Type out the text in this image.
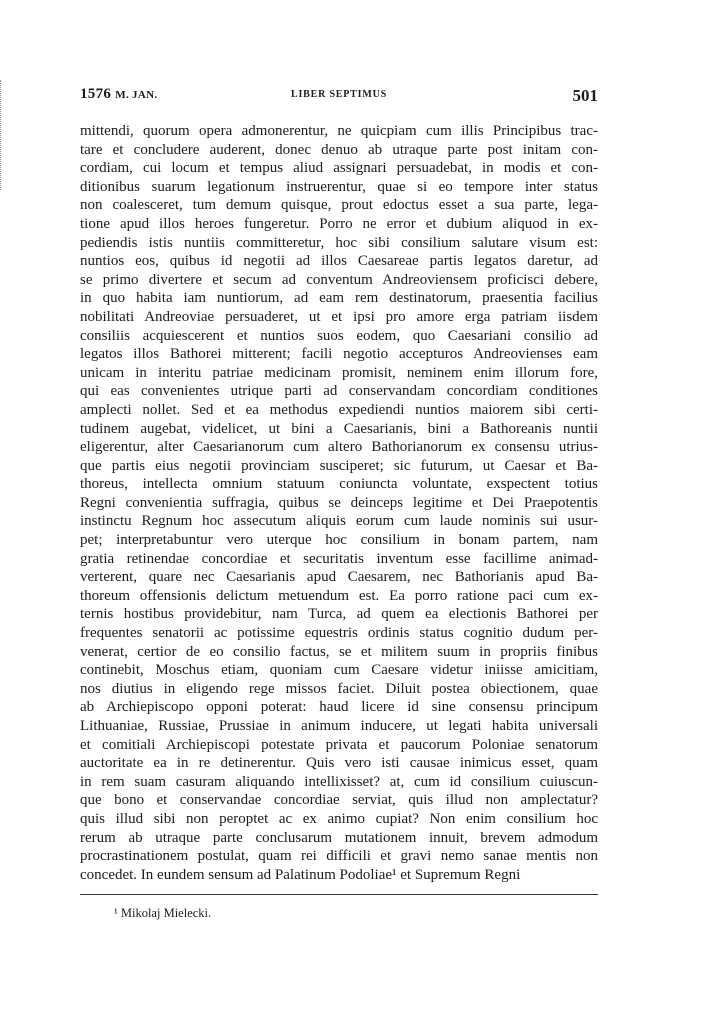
1576 M. JAN.	LIBER SEPTIMUS	501
mittendi, quorum opera admonerentur, ne quicpiam cum illis Principibus trac-
tare et concludere auderent, donec denuo ab utraque parte post initam con-
cordiam, cui locum et tempus aliud assignari persuadebat, in modis et con-
ditionibus suarum legationum instruerentur, quae si eo tempore inter status
non coalesceret, tum demum quisque, prout edoctus esset a sua parte, lega-
tione apud illos heroes fungeretur. Porro ne error et dubium aliquod in ex-
pediendis istis nuntiis committeretur, hoc sibi consilium salutare visum est:
nuntios eos, quibus id negotii ad illos Caesareae partis legatos daretur, ad
se primo divertere et secum ad conventum Andreoviensem proficisci debere,
in quo habita iam nuntiorum, ad eam rem destinatorum, praesentia facilius
nobilitati Andreoviae persuaderet, ut et ipsi pro amore erga patriam iisdem
consiliis acquiescerent et nuntios suos eodem, quo Caesariani consilio ad
legatos illos Bathorei mitterent; facili negotio accepturos Andreovienses eam
unicam in interitu patriae medicinam promisit, neminem enim illorum fore,
qui eas convenientes utrique parti ad conservandam concordiam conditiones
amplecti nollet. Sed et ea methodus expediendi nuntios maiorem sibi certi-
tudinem augebat, videlicet, ut bini a Caesarianis, bini a Bathoreanis nuntii
eligerentur, alter Caesarianorum cum altero Bathorianorum ex consensu utrius-
que partis eius negotii provinciam susciperet; sic futurum, ut Caesar et Ba-
thoreus, intellecta omnium statuum coniuncta voluntate, exspectent totius
Regni convenientia suffragia, quibus se deinceps legitime et Dei Praepotentis
instinctu Regnum hoc assecutum aliquis eorum cum laude nominis sui usur-
pet; interpretabuntur vero uterque hoc consilium in bonam partem, nam
gratia retinendae concordiae et securitatis inventum esse facillime animad-
verterent, quare nec Caesarianis apud Caesarem, nec Bathorianis apud Ba-
thoreum offensionis delictum metuendum est. Ea porro ratione paci cum ex-
ternis hostibus providebitur, nam Turca, ad quem ea electionis Bathorei per
frequentes senatorii ac potissime equestris ordinis status cognitio dudum per-
venerat, certior de eo consilio factus, se et militem suum in propriis finibus
continebit, Moschus etiam, quoniam cum Caesare videtur iniisse amicitiam,
nos diutius in eligendo rege missos faciet. Diluit postea obiectionem, quae
ab Archiepiscopo opponi poterat: haud licere id sine consensu principum
Lithuaniae, Russiae, Prussiae in animum inducere, ut legati habita universali
et comitiali Archiepiscopi potestate privata et paucorum Poloniae senatorum
auctoritate ea in re detinerentur. Quis vero isti causae inimicus esset, quam
in rem suam casuram aliquando intellixisset? at, cum id consilium cuiuscun-
que bono et conservandae concordiae serviat, quis illud non amplectatur?
quis illud sibi non peroptet ac ex animo cupiat? Non enim consilium hoc
rerum ab utraque parte conclusarum mutationem innuit, brevem admodum
procrastinationem postulat, quam rei difficili et gravi nemo sanae mentis non
concedet. In eundem sensum ad Palatinum Podoliae¹ et Supremum Regni
¹ Mikolaj Mielecki.
